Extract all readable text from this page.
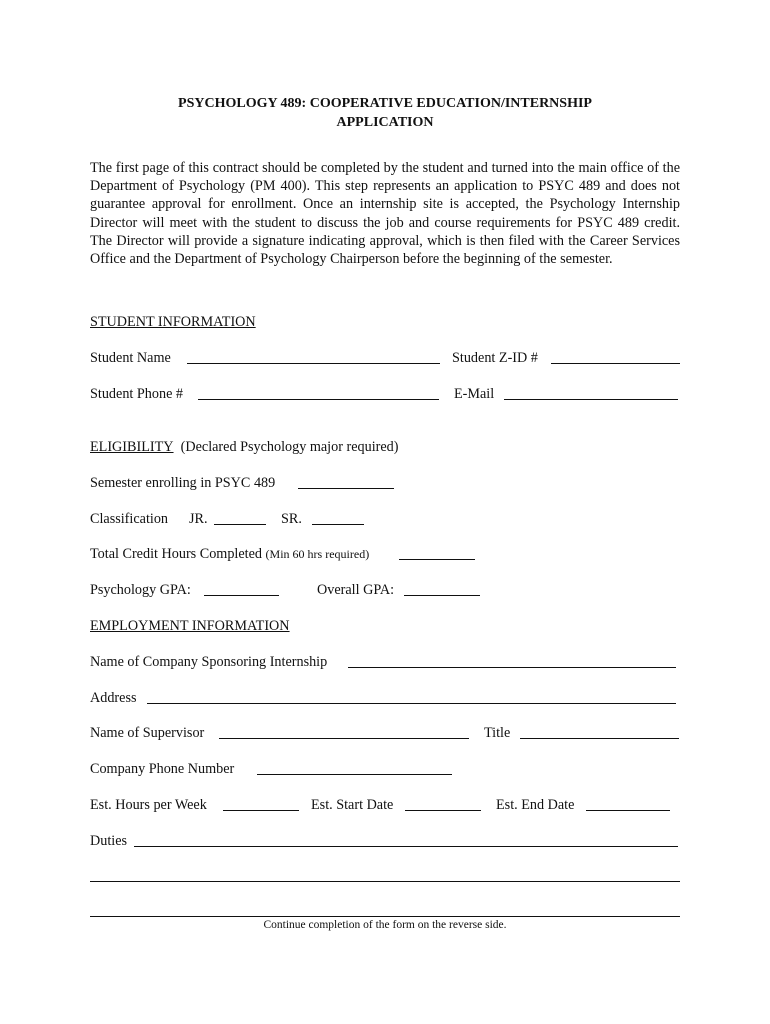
PSYCHOLOGY 489: COOPERATIVE EDUCATION/INTERNSHIP
APPLICATION
The first page of this contract should be completed by the student and turned into the main office of the Department of Psychology (PM 400). This step represents an application to PSYC 489 and does not guarantee approval for enrollment. Once an internship site is accepted, the Psychology Internship Director will meet with the student to discuss the job and course requirements for PSYC 489 credit. The Director will provide a signature indicating approval, which is then filed with the Career Services Office and the Department of Psychology Chairperson before the beginning of the semester.
STUDENT INFORMATION
Student Name	Student Z-ID #
Student Phone #	E-Mail
ELIGIBILITY (Declared Psychology major required)
Semester enrolling in PSYC 489
Classification JR.	SR.
Total Credit Hours Completed (Min 60 hrs required)
Psychology GPA:	Overall GPA:
EMPLOYMENT INFORMATION
Name of Company Sponsoring Internship
Address
Name of Supervisor	Title
Company Phone Number
Est. Hours per Week	Est. Start Date	Est. End Date
Duties
Continue completion of the form on the reverse side.
